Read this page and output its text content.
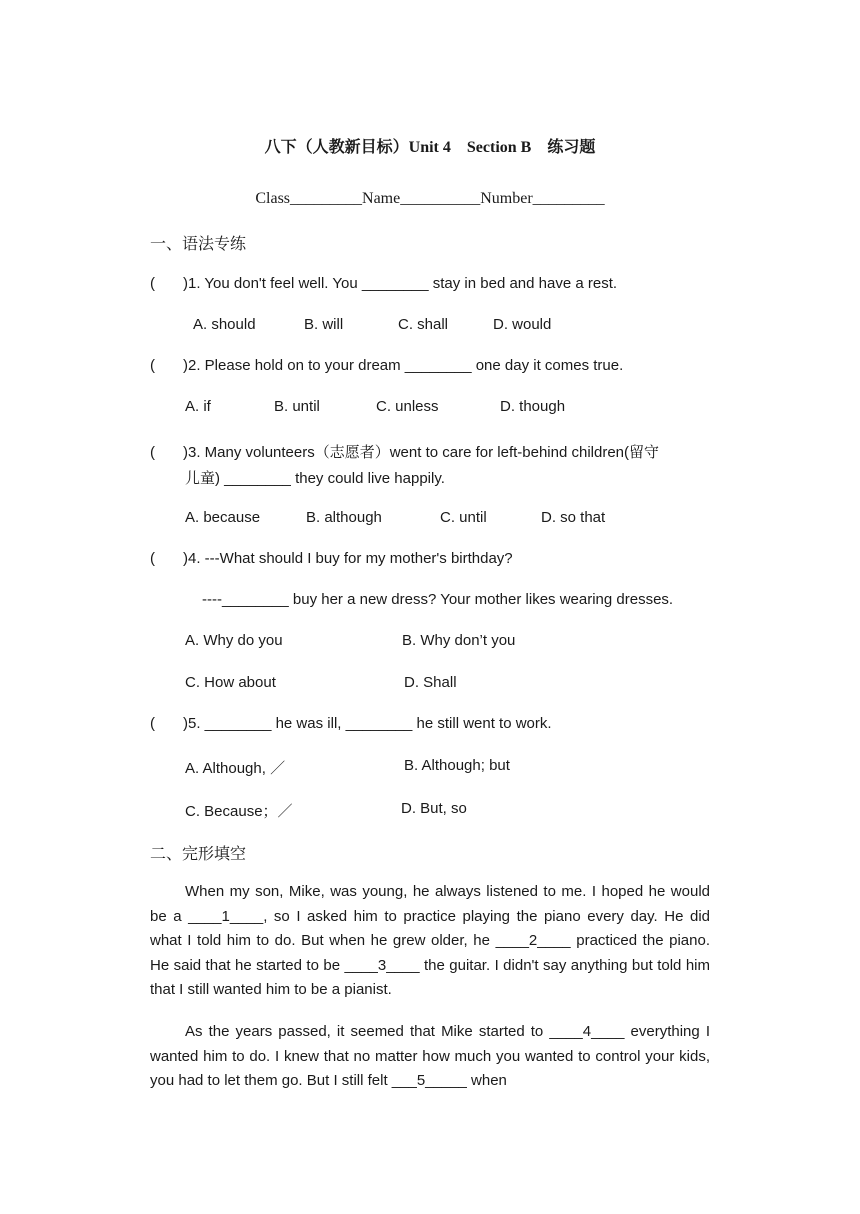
八下（人教新目标）Unit 4    Section B    练习题
Class_________Name__________Number_________
一、语法专练
( )1. You don't feel well. You ________ stay in bed and have a rest.
A. should	B. will	C. shall	D. would
( )2. Please hold on to your dream ________ one day it comes true.
A. if	B. until	C. unless	D. though
( )3. Many volunteers（志愿者）went to care for left-behind children(留守
儿童) ________ they could live happily.
A. because	B. although	C. until	D. so that
( )4. ---What should I buy for my mother's birthday?
----________ buy her a new dress? Your mother likes wearing dresses.
A. Why do you	B. Why don’t you
C. How about	D. Shall
( )5. ________ he was ill, ________ he still went to work.
A. Although, ／	B. Although; but
C. Because；／	D. But, so
二、完形填空

When my son, Mike, was young, he always listened to me. I hoped he would be a ____1____, so I asked him to practice playing the piano every day. He did what I told him to do. But when he grew older, he ____2____ practiced the piano. He said that he started to be ____3____ the guitar. I didn't say anything but told him that I still wanted him to be a pianist.

As the years passed, it seemed that Mike started to ____4____ everything I wanted him to do. I knew that no matter how much you wanted to control your kids, you had to let them go. But I still felt ___5_____ when
